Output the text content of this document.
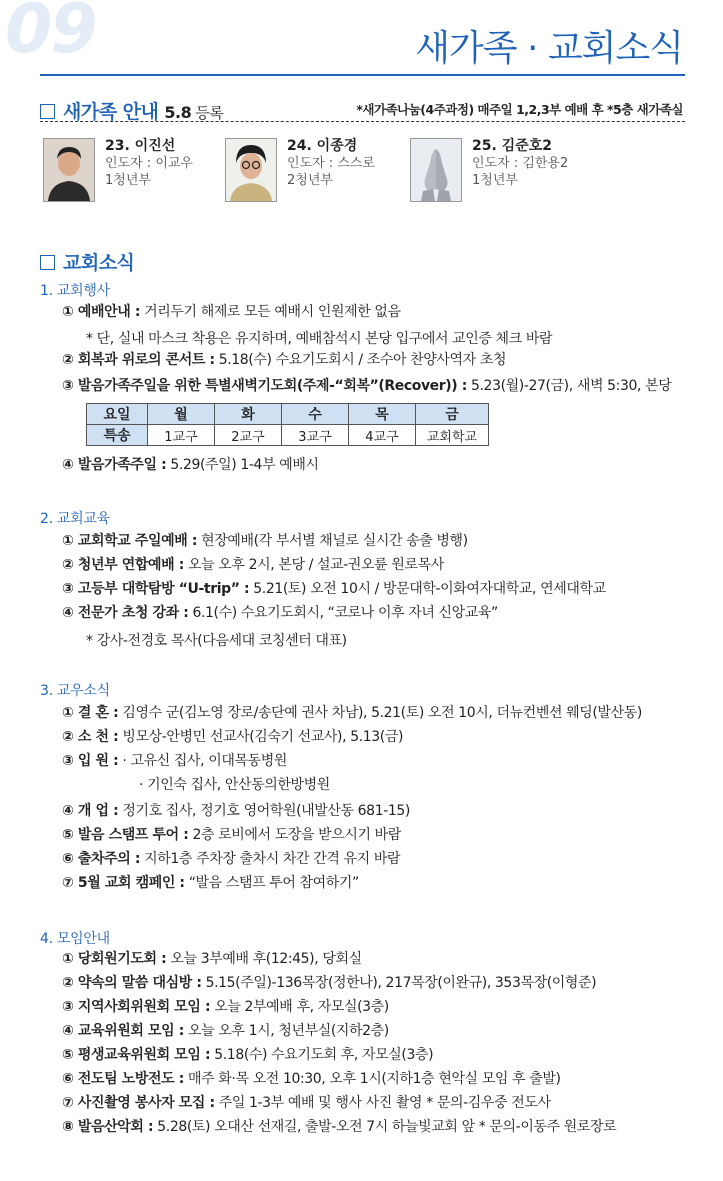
09	새가족 · 교회소식
새가족 안내 5.8 등록	*새가족나눔(4주과정) 매주일 1,2,3부 예배 후 *5층 새가족실
23. 이진선
인도자 : 이교우
1청년부
24. 이종경
인도자 : 스스로
2청년부
25. 김준호2
인도자 : 김한용2
1청년부
교회소식
1. 교회행사
① 예배안내 : 거리두기 해제로 모든 예배시 인원제한 없음
* 단, 실내 마스크 착용은 유지하며, 예배참석시 본당 입구에서 교인증 체크 바람
② 회복과 위로의 콘서트 : 5.18(수) 수요기도회시 / 조수아 찬양사역자 초청
③ 발음가족주일을 위한 특별새벽기도회(주제-“회복”(Recover)) : 5.23(월)-27(금), 새벽 5:30, 본당
요일	월	화	수	목	금
특송	1교구	2교구	3교구	4교구	교회학교
④ 발음가족주일 : 5.29(주일) 1-4부 예배시
2. 교회교육
① 교회학교 주일예배 : 현장예배(각 부서별 채널로 실시간 송출 병행)
② 청년부 연합예배 : 오늘 오후 2시, 본당 / 설교-권오륜 원로목사
③ 고등부 대학탐방 “U-trip” : 5.21(토) 오전 10시 / 방문대학-이화여자대학교, 연세대학교
④ 전문가 초청 강좌 : 6.1(수) 수요기도회시, “코로나 이후 자녀 신앙교육”
* 강사-전경호 목사(다음세대 코칭센터 대표)
3. 교우소식
① 결 혼 : 김영수 군(김노영 장로/송단예 권사 차남), 5.21(토) 오전 10시, 더뉴컨벤션 웨딩(발산동)
② 소 천 : 빙모상-안병민 선교사(김숙기 선교사), 5.13(금)
③ 입 원 : · 고유신 집사, 이대목동병원
· 기인숙 집사, 안산동의한방병원
④ 개 업 : 정기호 집사, 정기호 영어학원(내발산동 681-15)
⑤ 발음 스탬프 투어 : 2층 로비에서 도장을 받으시기 바람
⑥ 출차주의 : 지하1층 주차장 출차시 차간 간격 유지 바람
⑦ 5월 교회 캠페인 : “발음 스탬프 투어 참여하기”
4. 모임안내
① 당회원기도회 : 오늘 3부예배 후(12:45), 당회실
② 약속의 말씀 대심방 : 5.15(주일)-136목장(정한나), 217목장(이완규), 353목장(이형준)
③ 지역사회위원회 모임 : 오늘 2부예배 후, 자모실(3층)
④ 교육위원회 모임 : 오늘 오후 1시, 청년부실(지하2층)
⑤ 평생교육위원회 모임 : 5.18(수) 수요기도회 후, 자모실(3층)
⑥ 전도팀 노방전도 : 매주 화·목 오전 10:30, 오후 1시(지하1층 현악실 모임 후 출발)
⑦ 사진촬영 봉사자 모집 : 주일 1-3부 예배 및 행사 사진 촬영 * 문의-김우중 전도사
⑧ 발음산악회 : 5.28(토) 오대산 선재길, 출발-오전 7시 하늘빛교회 앞 * 문의-이동주 원로장로
